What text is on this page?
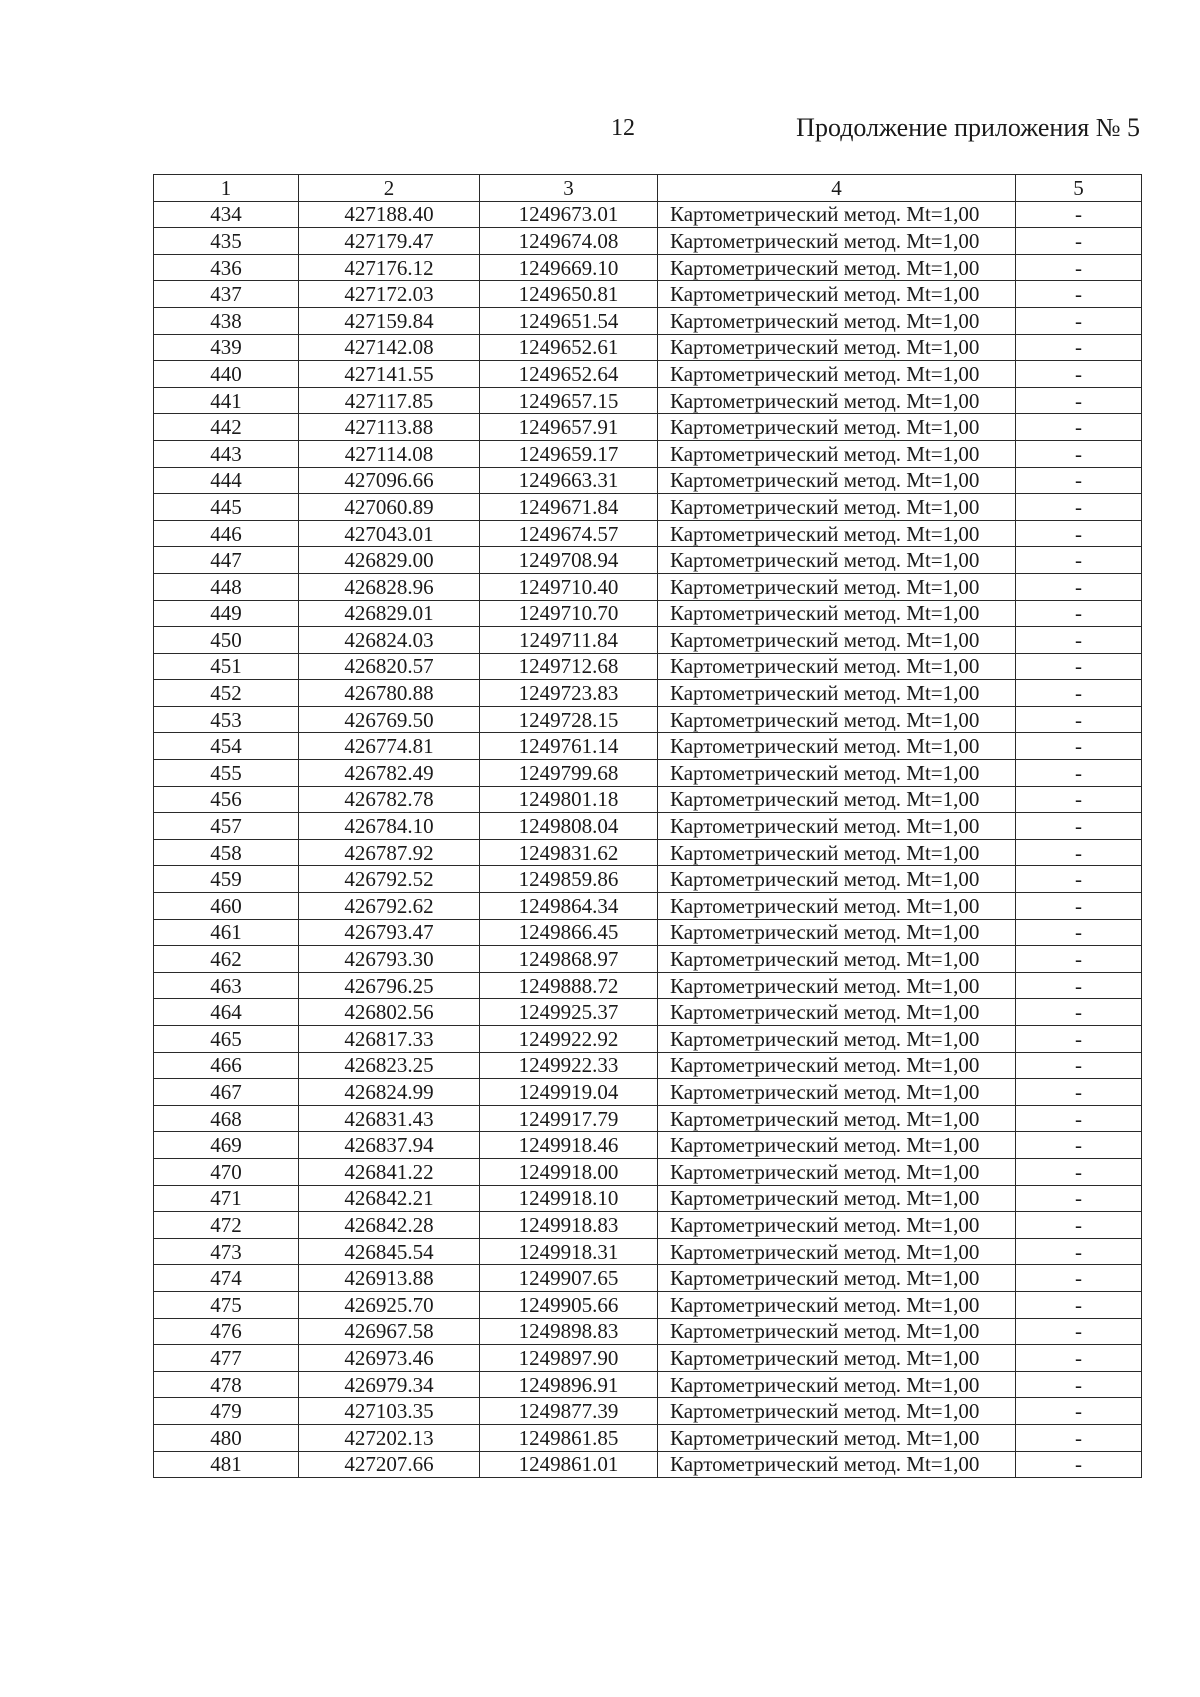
12	Продолжение приложения № 5
1	2	3	4	5
434	427188.40	1249673.01	Картометрический метод. Mt=1,00	-
435	427179.47	1249674.08	Картометрический метод. Mt=1,00	-
436	427176.12	1249669.10	Картометрический метод. Mt=1,00	-
437	427172.03	1249650.81	Картометрический метод. Mt=1,00	-
438	427159.84	1249651.54	Картометрический метод. Mt=1,00	-
439	427142.08	1249652.61	Картометрический метод. Mt=1,00	-
440	427141.55	1249652.64	Картометрический метод. Mt=1,00	-
441	427117.85	1249657.15	Картометрический метод. Mt=1,00	-
442	427113.88	1249657.91	Картометрический метод. Mt=1,00	-
443	427114.08	1249659.17	Картометрический метод. Mt=1,00	-
444	427096.66	1249663.31	Картометрический метод. Mt=1,00	-
445	427060.89	1249671.84	Картометрический метод. Mt=1,00	-
446	427043.01	1249674.57	Картометрический метод. Mt=1,00	-
447	426829.00	1249708.94	Картометрический метод. Mt=1,00	-
448	426828.96	1249710.40	Картометрический метод. Mt=1,00	-
449	426829.01	1249710.70	Картометрический метод. Mt=1,00	-
450	426824.03	1249711.84	Картометрический метод. Mt=1,00	-
451	426820.57	1249712.68	Картометрический метод. Mt=1,00	-
452	426780.88	1249723.83	Картометрический метод. Mt=1,00	-
453	426769.50	1249728.15	Картометрический метод. Mt=1,00	-
454	426774.81	1249761.14	Картометрический метод. Mt=1,00	-
455	426782.49	1249799.68	Картометрический метод. Mt=1,00	-
456	426782.78	1249801.18	Картометрический метод. Mt=1,00	-
457	426784.10	1249808.04	Картометрический метод. Mt=1,00	-
458	426787.92	1249831.62	Картометрический метод. Mt=1,00	-
459	426792.52	1249859.86	Картометрический метод. Mt=1,00	-
460	426792.62	1249864.34	Картометрический метод. Mt=1,00	-
461	426793.47	1249866.45	Картометрический метод. Mt=1,00	-
462	426793.30	1249868.97	Картометрический метод. Mt=1,00	-
463	426796.25	1249888.72	Картометрический метод. Mt=1,00	-
464	426802.56	1249925.37	Картометрический метод. Mt=1,00	-
465	426817.33	1249922.92	Картометрический метод. Mt=1,00	-
466	426823.25	1249922.33	Картометрический метод. Mt=1,00	-
467	426824.99	1249919.04	Картометрический метод. Mt=1,00	-
468	426831.43	1249917.79	Картометрический метод. Mt=1,00	-
469	426837.94	1249918.46	Картометрический метод. Mt=1,00	-
470	426841.22	1249918.00	Картометрический метод. Mt=1,00	-
471	426842.21	1249918.10	Картометрический метод. Mt=1,00	-
472	426842.28	1249918.83	Картометрический метод. Mt=1,00	-
473	426845.54	1249918.31	Картометрический метод. Mt=1,00	-
474	426913.88	1249907.65	Картометрический метод. Mt=1,00	-
475	426925.70	1249905.66	Картометрический метод. Mt=1,00	-
476	426967.58	1249898.83	Картометрический метод. Mt=1,00	-
477	426973.46	1249897.90	Картометрический метод. Mt=1,00	-
478	426979.34	1249896.91	Картометрический метод. Mt=1,00	-
479	427103.35	1249877.39	Картометрический метод. Mt=1,00	-
480	427202.13	1249861.85	Картометрический метод. Mt=1,00	-
481	427207.66	1249861.01	Картометрический метод. Mt=1,00	-
